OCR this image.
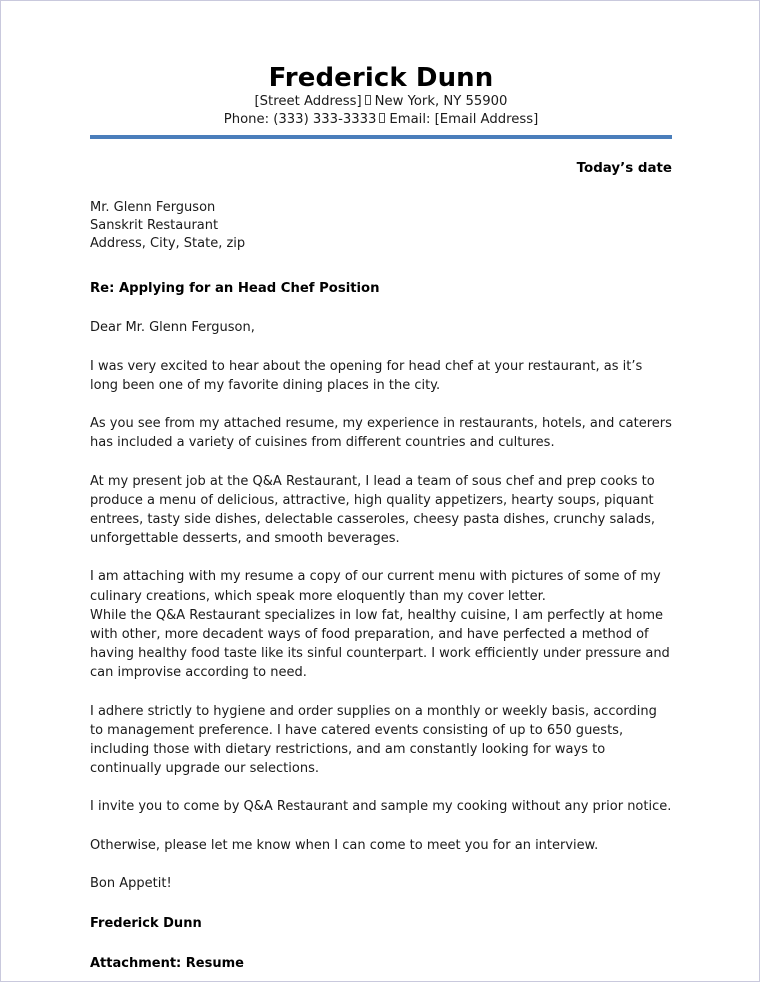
Frederick Dunn
[Street Address] New York, NY 55900
Phone: (333) 333-3333 Email: [Email Address]
Today’s date
Mr. Glenn Ferguson
Sanskrit Restaurant
Address, City, State, zip
Re: Applying for an Head Chef Position
Dear Mr. Glenn Ferguson,
I was very excited to hear about the opening for head chef at your restaurant, as it’s long been one of my favorite dining places in the city.
As you see from my attached resume, my experience in restaurants, hotels, and caterers has included a variety of cuisines from different countries and cultures.
At my present job at the Q&A Restaurant, I lead a team of sous chef and prep cooks to produce a menu of delicious, attractive, high quality appetizers, hearty soups, piquant entrees, tasty side dishes, delectable casseroles, cheesy pasta dishes, crunchy salads, unforgettable desserts, and smooth beverages.
I am attaching with my resume a copy of our current menu with pictures of some of my culinary creations, which speak more eloquently than my cover letter.
While the Q&A Restaurant specializes in low fat, healthy cuisine, I am perfectly at home with other, more decadent ways of food preparation, and have perfected a method of having healthy food taste like its sinful counterpart. I work efficiently under pressure and can improvise according to need.
I adhere strictly to hygiene and order supplies on a monthly or weekly basis, according to management preference. I have catered events consisting of up to 650 guests, including those with dietary restrictions, and am constantly looking for ways to continually upgrade our selections.
I invite you to come by Q&A Restaurant and sample my cooking without any prior notice.
Otherwise, please let me know when I can come to meet you for an interview.
Bon Appetit!
Frederick Dunn
Attachment: Resume
